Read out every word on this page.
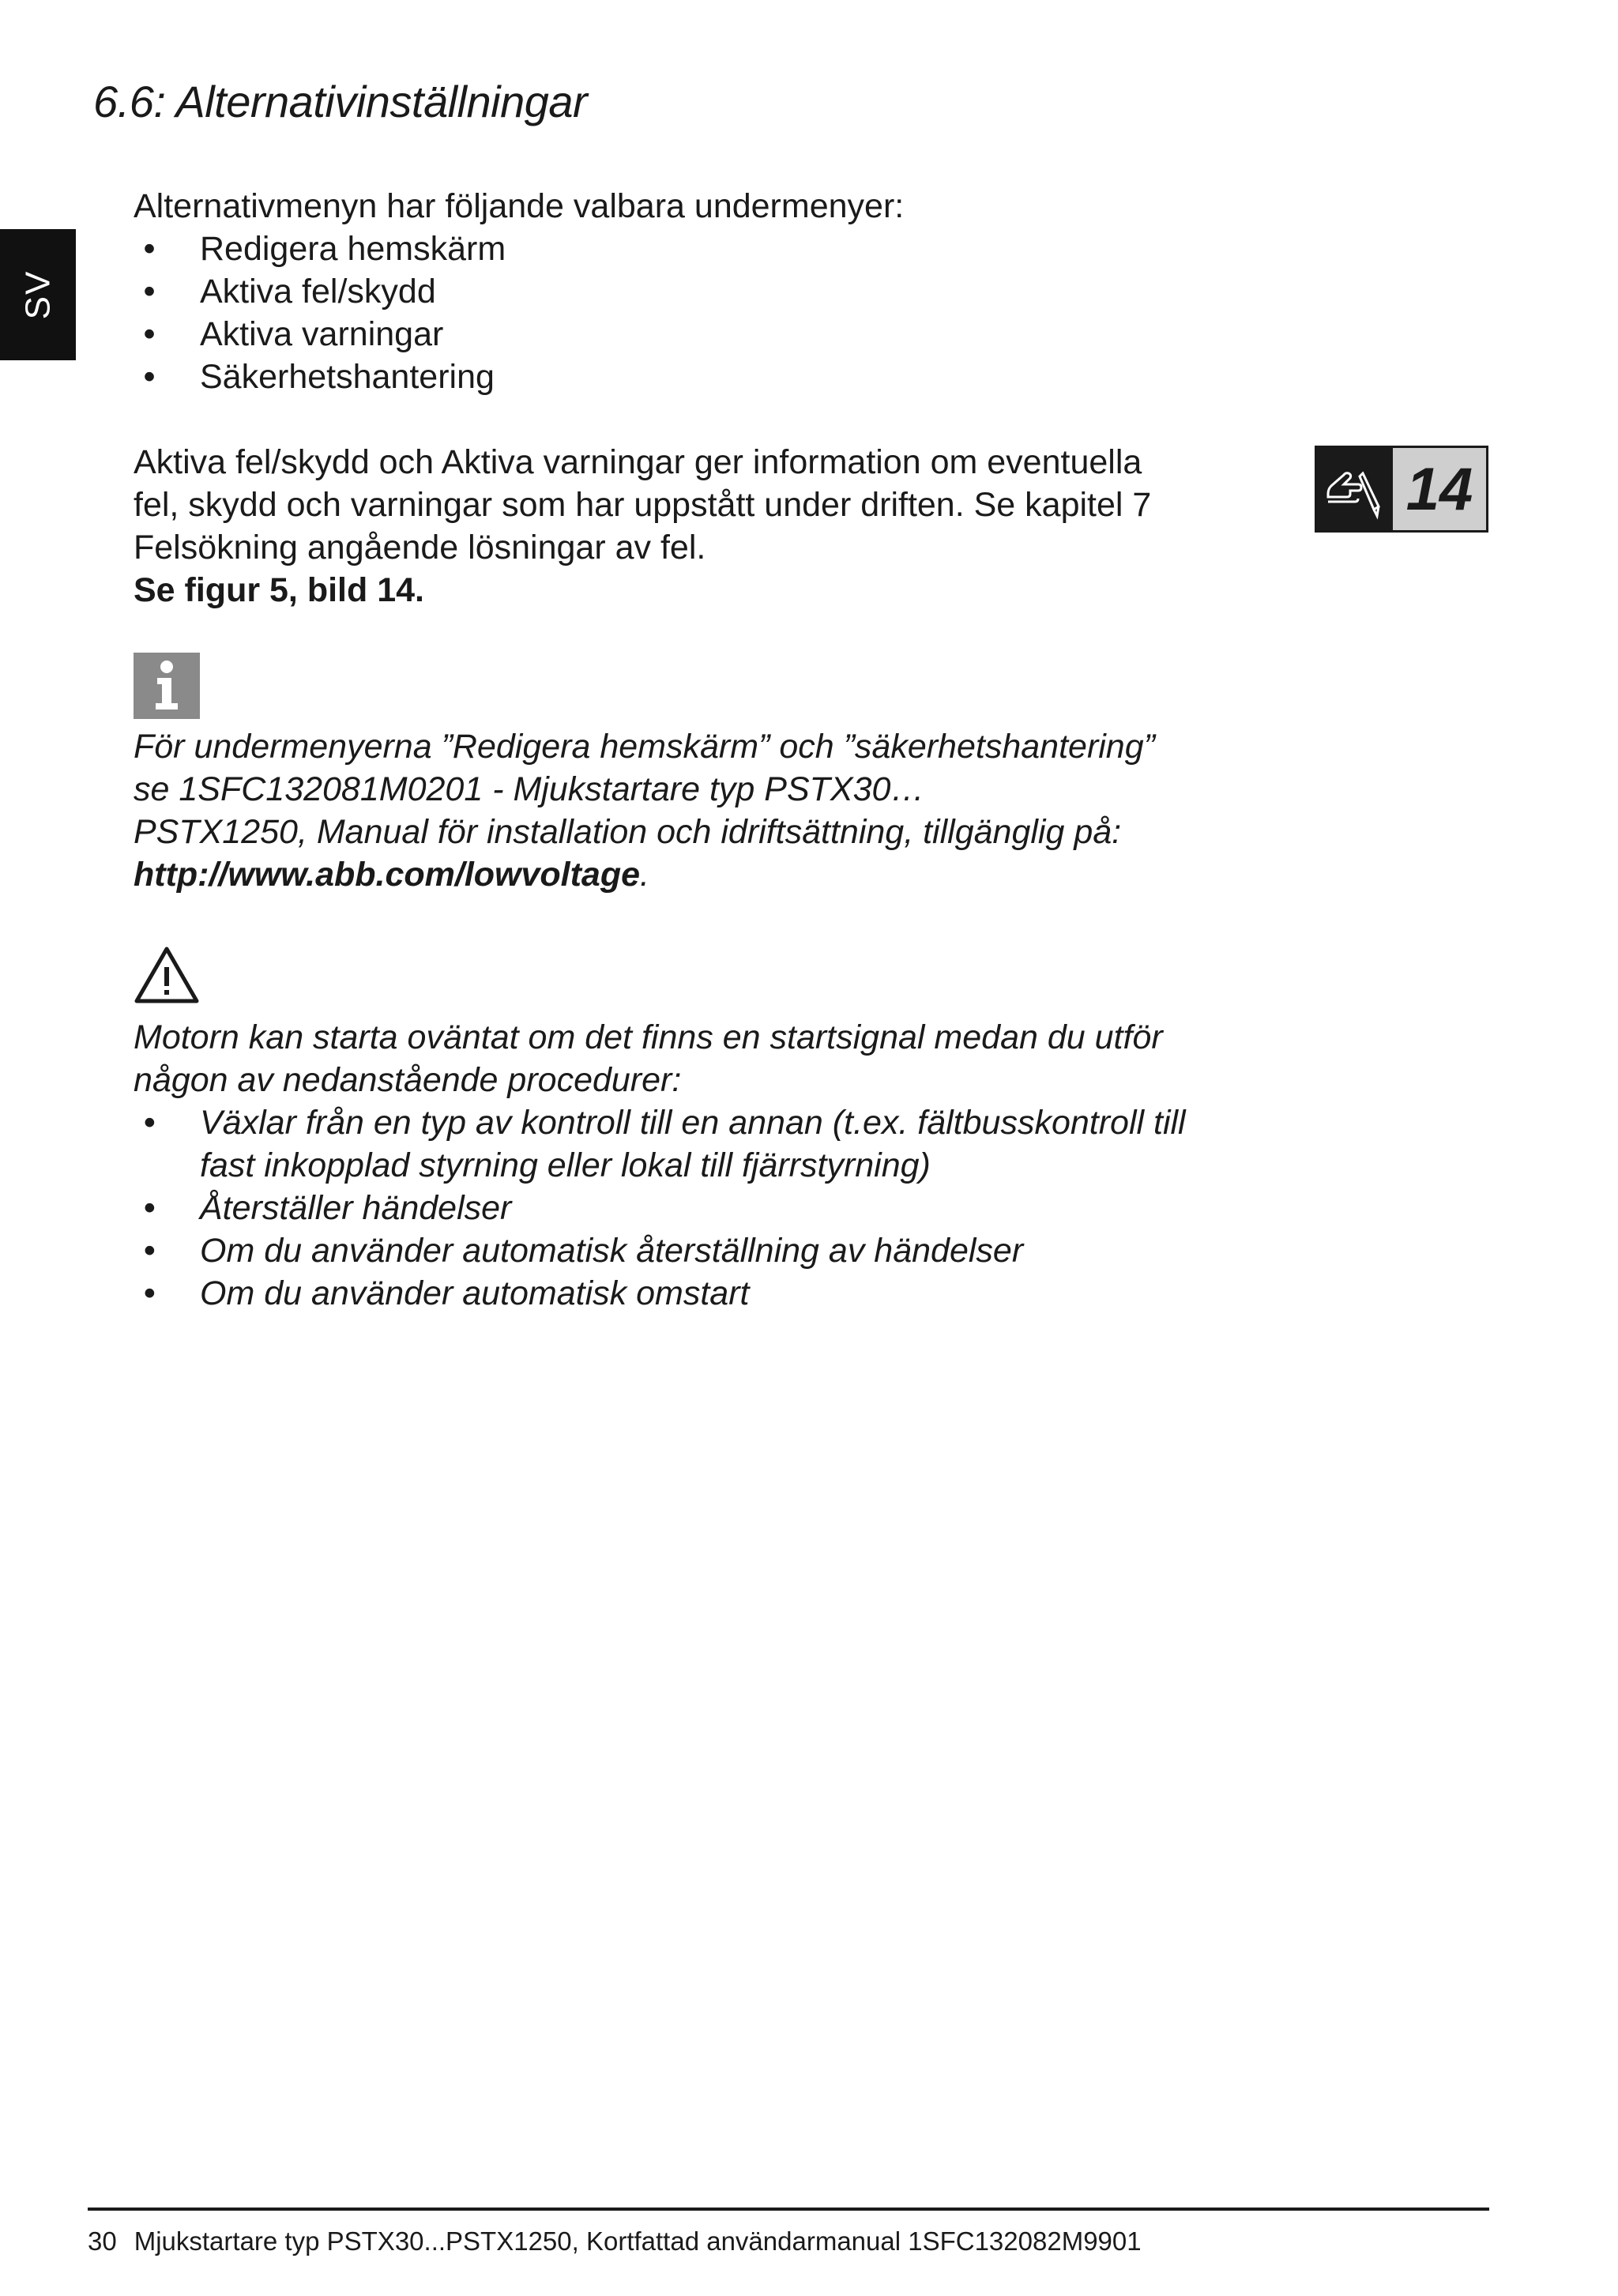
6.6: Alternativinställningar
SV

Alternativmenyn har följande valbara undermenyer:

• Redigera hemskärm
• Aktiva fel/skydd
• Aktiva varningar
• Säkerhetshantering

Aktiva fel/skydd och Aktiva varningar ger information om eventuella

fel, skydd och varningar som har uppstått under driften. Se kapitel 7

Felsökning angående lösningar av fel.

Se figur 5, bild 14.

14

För undermenyerna ”Redigera hemskärm” och ”säkerhetshantering”

se 1SFC132081M0201 - Mjukstartare typ PSTX30…

PSTX1250, Manual för installation och idriftsättning, tillgänglig på:

http://www.abb.com/lowvoltage.

Motorn kan starta oväntat om det finns en startsignal medan du utför

någon av nedanstående procedurer:

• Växlar från en typ av kontroll till en annan (t.ex. fältbusskontroll till
fast inkopplad styrning eller lokal till fjärrstyrning)
• Återställer händelser
• Om du använder automatisk återställning av händelser
• Om du använder automatisk omstart
30 Mjukstartare typ PSTX30...PSTX1250, Kortfattad användarmanual 1SFC132082M9901
